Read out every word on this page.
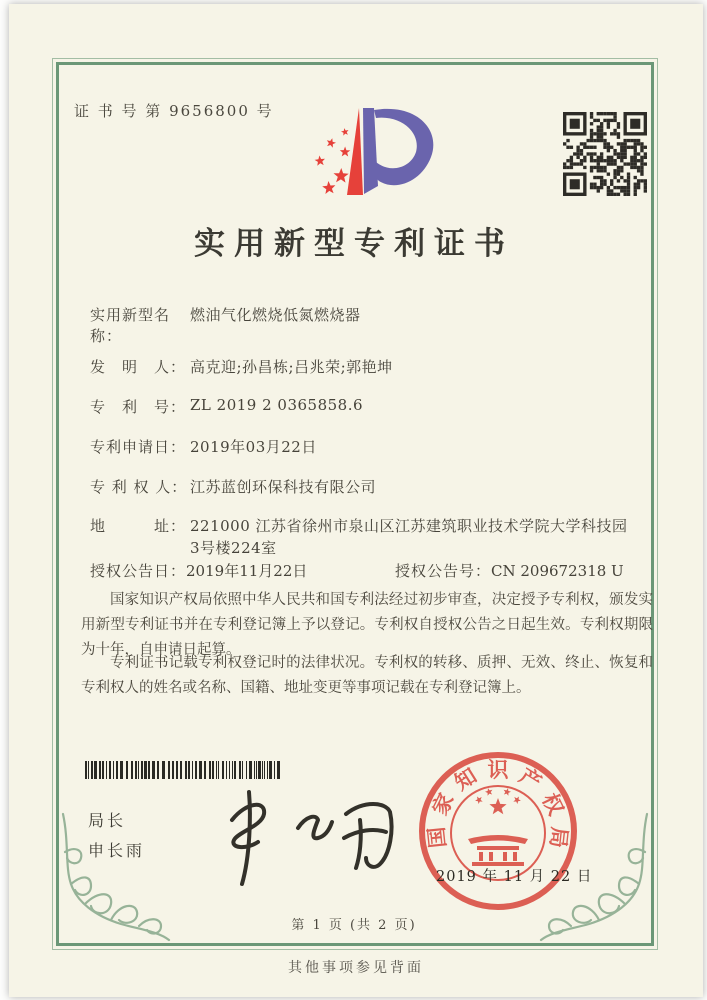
证 书 号 第 9656800 号
实用新型专利证书
实用新型名称：燃油气化燃烧低氮燃烧器
发　明　人： 高克迎;孙昌栋;吕兆荣;郭艳坤
专　利　号： ZL 2019 2 0365858.6
专利申请日： 2019年03月22日
专 利 权 人： 江苏蓝创环保科技有限公司
地　　　址： 221000 江苏省徐州市泉山区江苏建筑职业技术学院大学科技园3号楼224室
授权公告日：2019年11月22日	授权公告号：CN 209672318 U

国家知识产权局依照中华人民共和国专利法经过初步审查，决定授予专利权，颁发实用新型专利证书并在专利登记簿上予以登记。专利权自授权公告之日起生效。专利权期限为十年，自申请日起算。

专利证书记载专利权登记时的法律状况。专利权的转移、质押、无效、终止、恢复和专利权人的姓名或名称、国籍、地址变更等事项记载在专利登记簿上。

局长
申长雨
国
家
知 识 产
权
局
2019 年 11 月 22 日
第 1 页 (共 2 页)
其他事项参见背面
